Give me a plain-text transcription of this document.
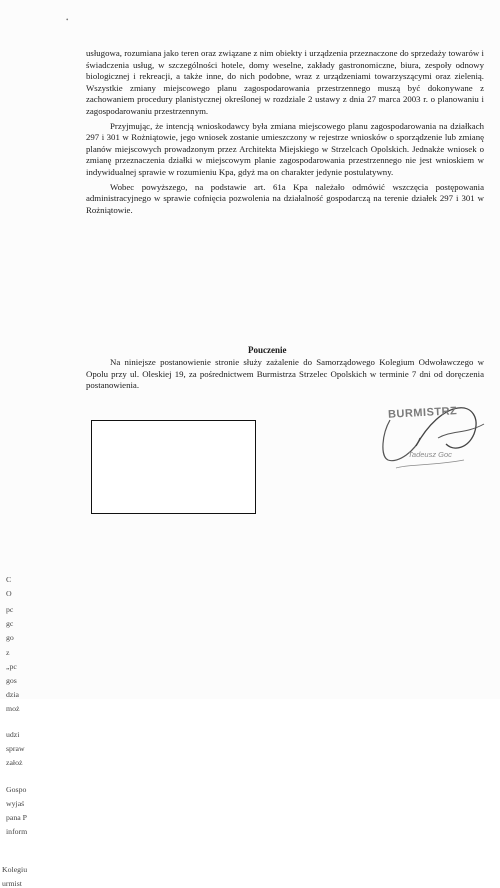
•

usługowa, rozumiana jako teren oraz związane z nim obiekty i urządzenia przeznaczone do sprzedaży towarów i świadczenia usług, w szczególności hotele, domy weselne, zakłady gastronomiczne, biura, zespoły odnowy biologicznej i rekreacji, a także inne, do nich podobne, wraz z urządzeniami towarzyszącymi oraz zielenią. Wszystkie zmiany miejscowego planu zagospodarowania przestrzennego muszą być dokonywane z zachowaniem procedury planistycznej określonej w rozdziale 2 ustawy z dnia 27 marca 2003 r. o planowaniu i zagospodarowaniu przestrzennym.

Przyjmując, że intencją wnioskodawcy była zmiana miejscowego planu zagospodarowania na działkach 297 i 301 w Rożniątowie, jego wniosek zostanie umieszczony w rejestrze wniosków o sporządzenie lub zmianę planów miejscowych prowadzonym przez Architekta Miejskiego w Strzelcach Opolskich. Jednakże wniosek o zmianę przeznaczenia działki w miejscowym planie zagospodarowania przestrzennego nie jest wnioskiem w indywidualnej sprawie w rozumieniu Kpa, gdyż ma on charakter jedynie postulatywny.

Wobec powyższego, na podstawie art. 61a Kpa należało odmówić wszczęcia postępowania administracyjnego w sprawie cofnięcia pozwolenia na działalność gospodarczą na terenie działek 297 i 301 w Rożniątowie.

Pouczenie

Na niniejsze postanowienie stronie służy zażalenie do Samorządowego Kolegium Odwoławczego w Opolu przy ul. Oleskiej 19, za pośrednictwem Burmistrza Strzelec Opolskich w terminie 7 dni od doręczenia postanowienia.

BURMISTRZ
Tadeusz Goc
C
O
pc
gc
go
z
„pc
gos
dzia
moż
udzi
spraw
założ
Gospo
wyjaś
pana P
inform
Kolegiu
urmist
